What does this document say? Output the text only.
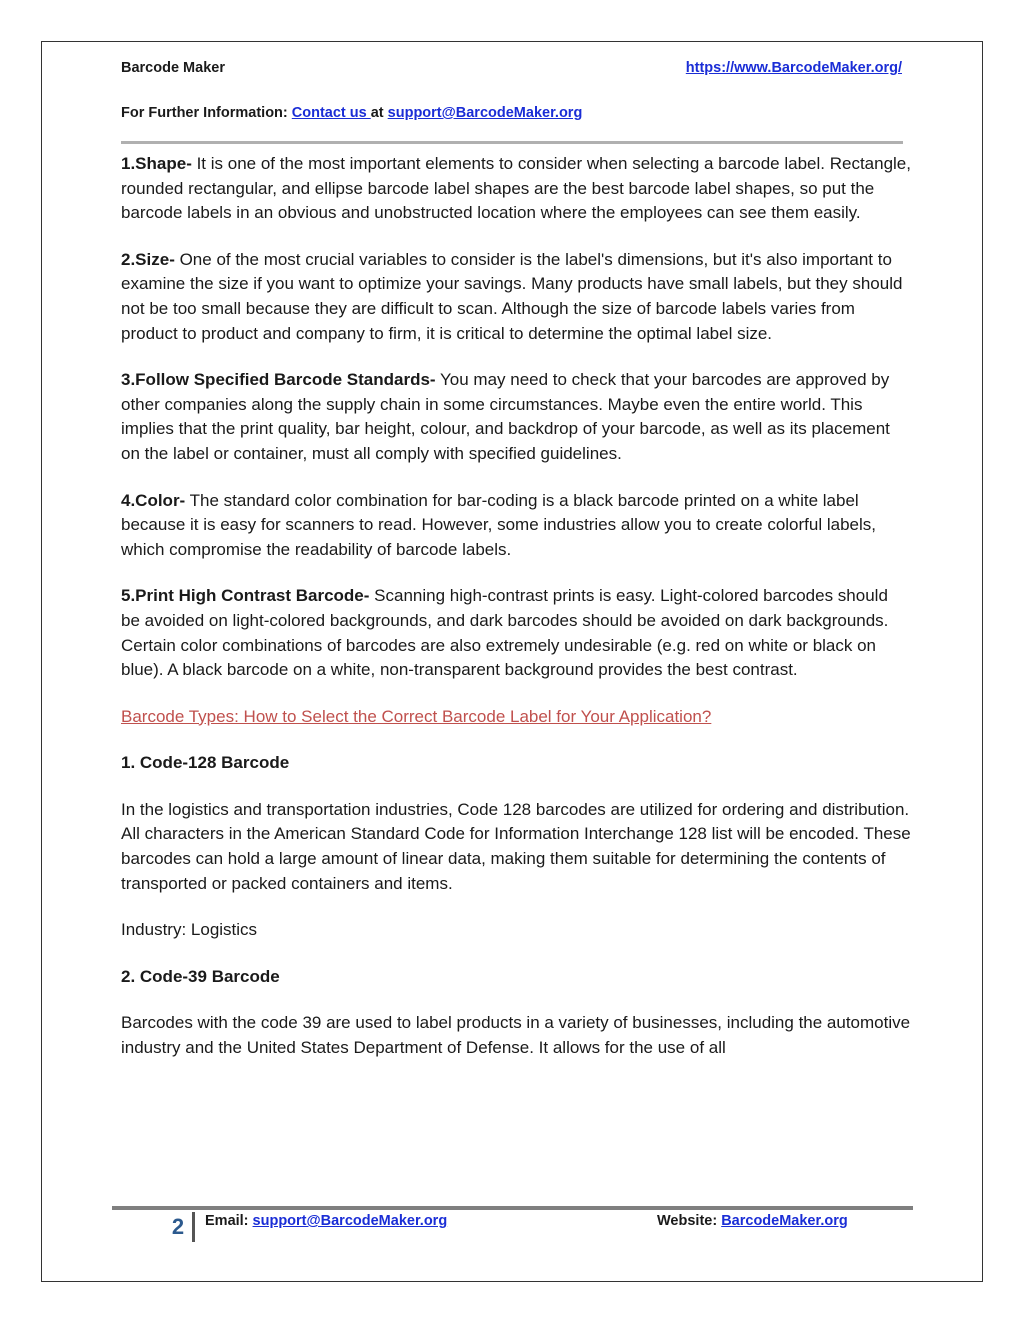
Barcode Maker	https://www.BarcodeMaker.org/
For Further Information: Contact us at support@BarcodeMaker.org

1.Shape- It is one of the most important elements to consider when selecting a barcode label. Rectangle, rounded rectangular, and ellipse barcode label shapes are the best barcode label shapes, so put the barcode labels in an obvious and unobstructed location where the employees can see them easily.

2.Size- One of the most crucial variables to consider is the label's dimensions, but it's also important to examine the size if you want to optimize your savings. Many products have small labels, but they should not be too small because they are difficult to scan. Although the size of barcode labels varies from product to product and company to firm, it is critical to determine the optimal label size.

3.Follow Specified Barcode Standards- You may need to check that your barcodes are approved by other companies along the supply chain in some circumstances. Maybe even the entire world. This implies that the print quality, bar height, colour, and backdrop of your barcode, as well as its placement on the label or container, must all comply with specified guidelines.

4.Color- The standard color combination for bar-coding is a black barcode printed on a white label because it is easy for scanners to read. However, some industries allow you to create colorful labels, which compromise the readability of barcode labels.

5.Print High Contrast Barcode- Scanning high-contrast prints is easy. Light-colored barcodes should be avoided on light-colored backgrounds, and dark barcodes should be avoided on dark backgrounds. Certain color combinations of barcodes are also extremely undesirable (e.g. red on white or black on blue). A black barcode on a white, non-transparent background provides the best contrast.

Barcode Types: How to Select the Correct Barcode Label for Your Application?

1. Code-128 Barcode

In the logistics and transportation industries, Code 128 barcodes are utilized for ordering and distribution. All characters in the American Standard Code for Information Interchange 128 list will be encoded. These barcodes can hold a large amount of linear data, making them suitable for determining the contents of transported or packed containers and items.

Industry: Logistics

2. Code-39 Barcode

Barcodes with the code 39 are used to label products in a variety of businesses, including the automotive industry and the United States Department of Defense. It allows for the use of all

2	Email: support@BarcodeMaker.org	Website: BarcodeMaker.org
